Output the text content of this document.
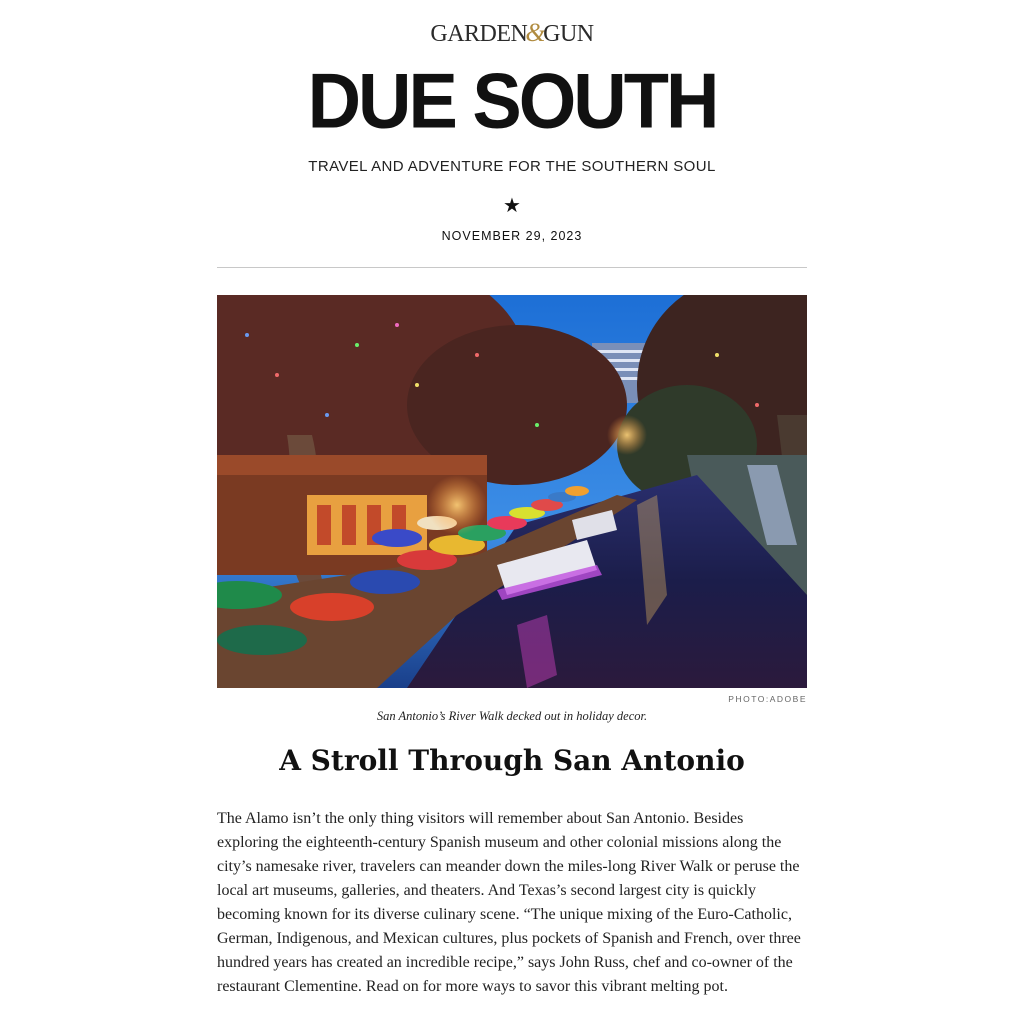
GARDEN&GUN
DUE SOUTH
TRAVEL AND ADVENTURE FOR THE SOUTHERN SOUL
★
NOVEMBER 29, 2023
PHOTO:ADOBE
San Antonio’s River Walk decked out in holiday decor.
A Stroll Through San Antonio

The Alamo isn’t the only thing visitors will remember about San Antonio. Besides exploring the eighteenth-century Spanish museum and other colonial missions along the city’s namesake river, travelers can meander down the miles-long River Walk or peruse the local art museums, galleries, and theaters. And Texas’s second largest city is quickly becoming known for its diverse culinary scene. “The unique mixing of the Euro-Catholic, German, Indigenous, and Mexican cultures, plus pockets of Spanish and French, over three hundred years has created an incredible recipe,” says John Russ, chef and co-owner of the restaurant Clementine. Read on for more ways to savor this vibrant melting pot.
